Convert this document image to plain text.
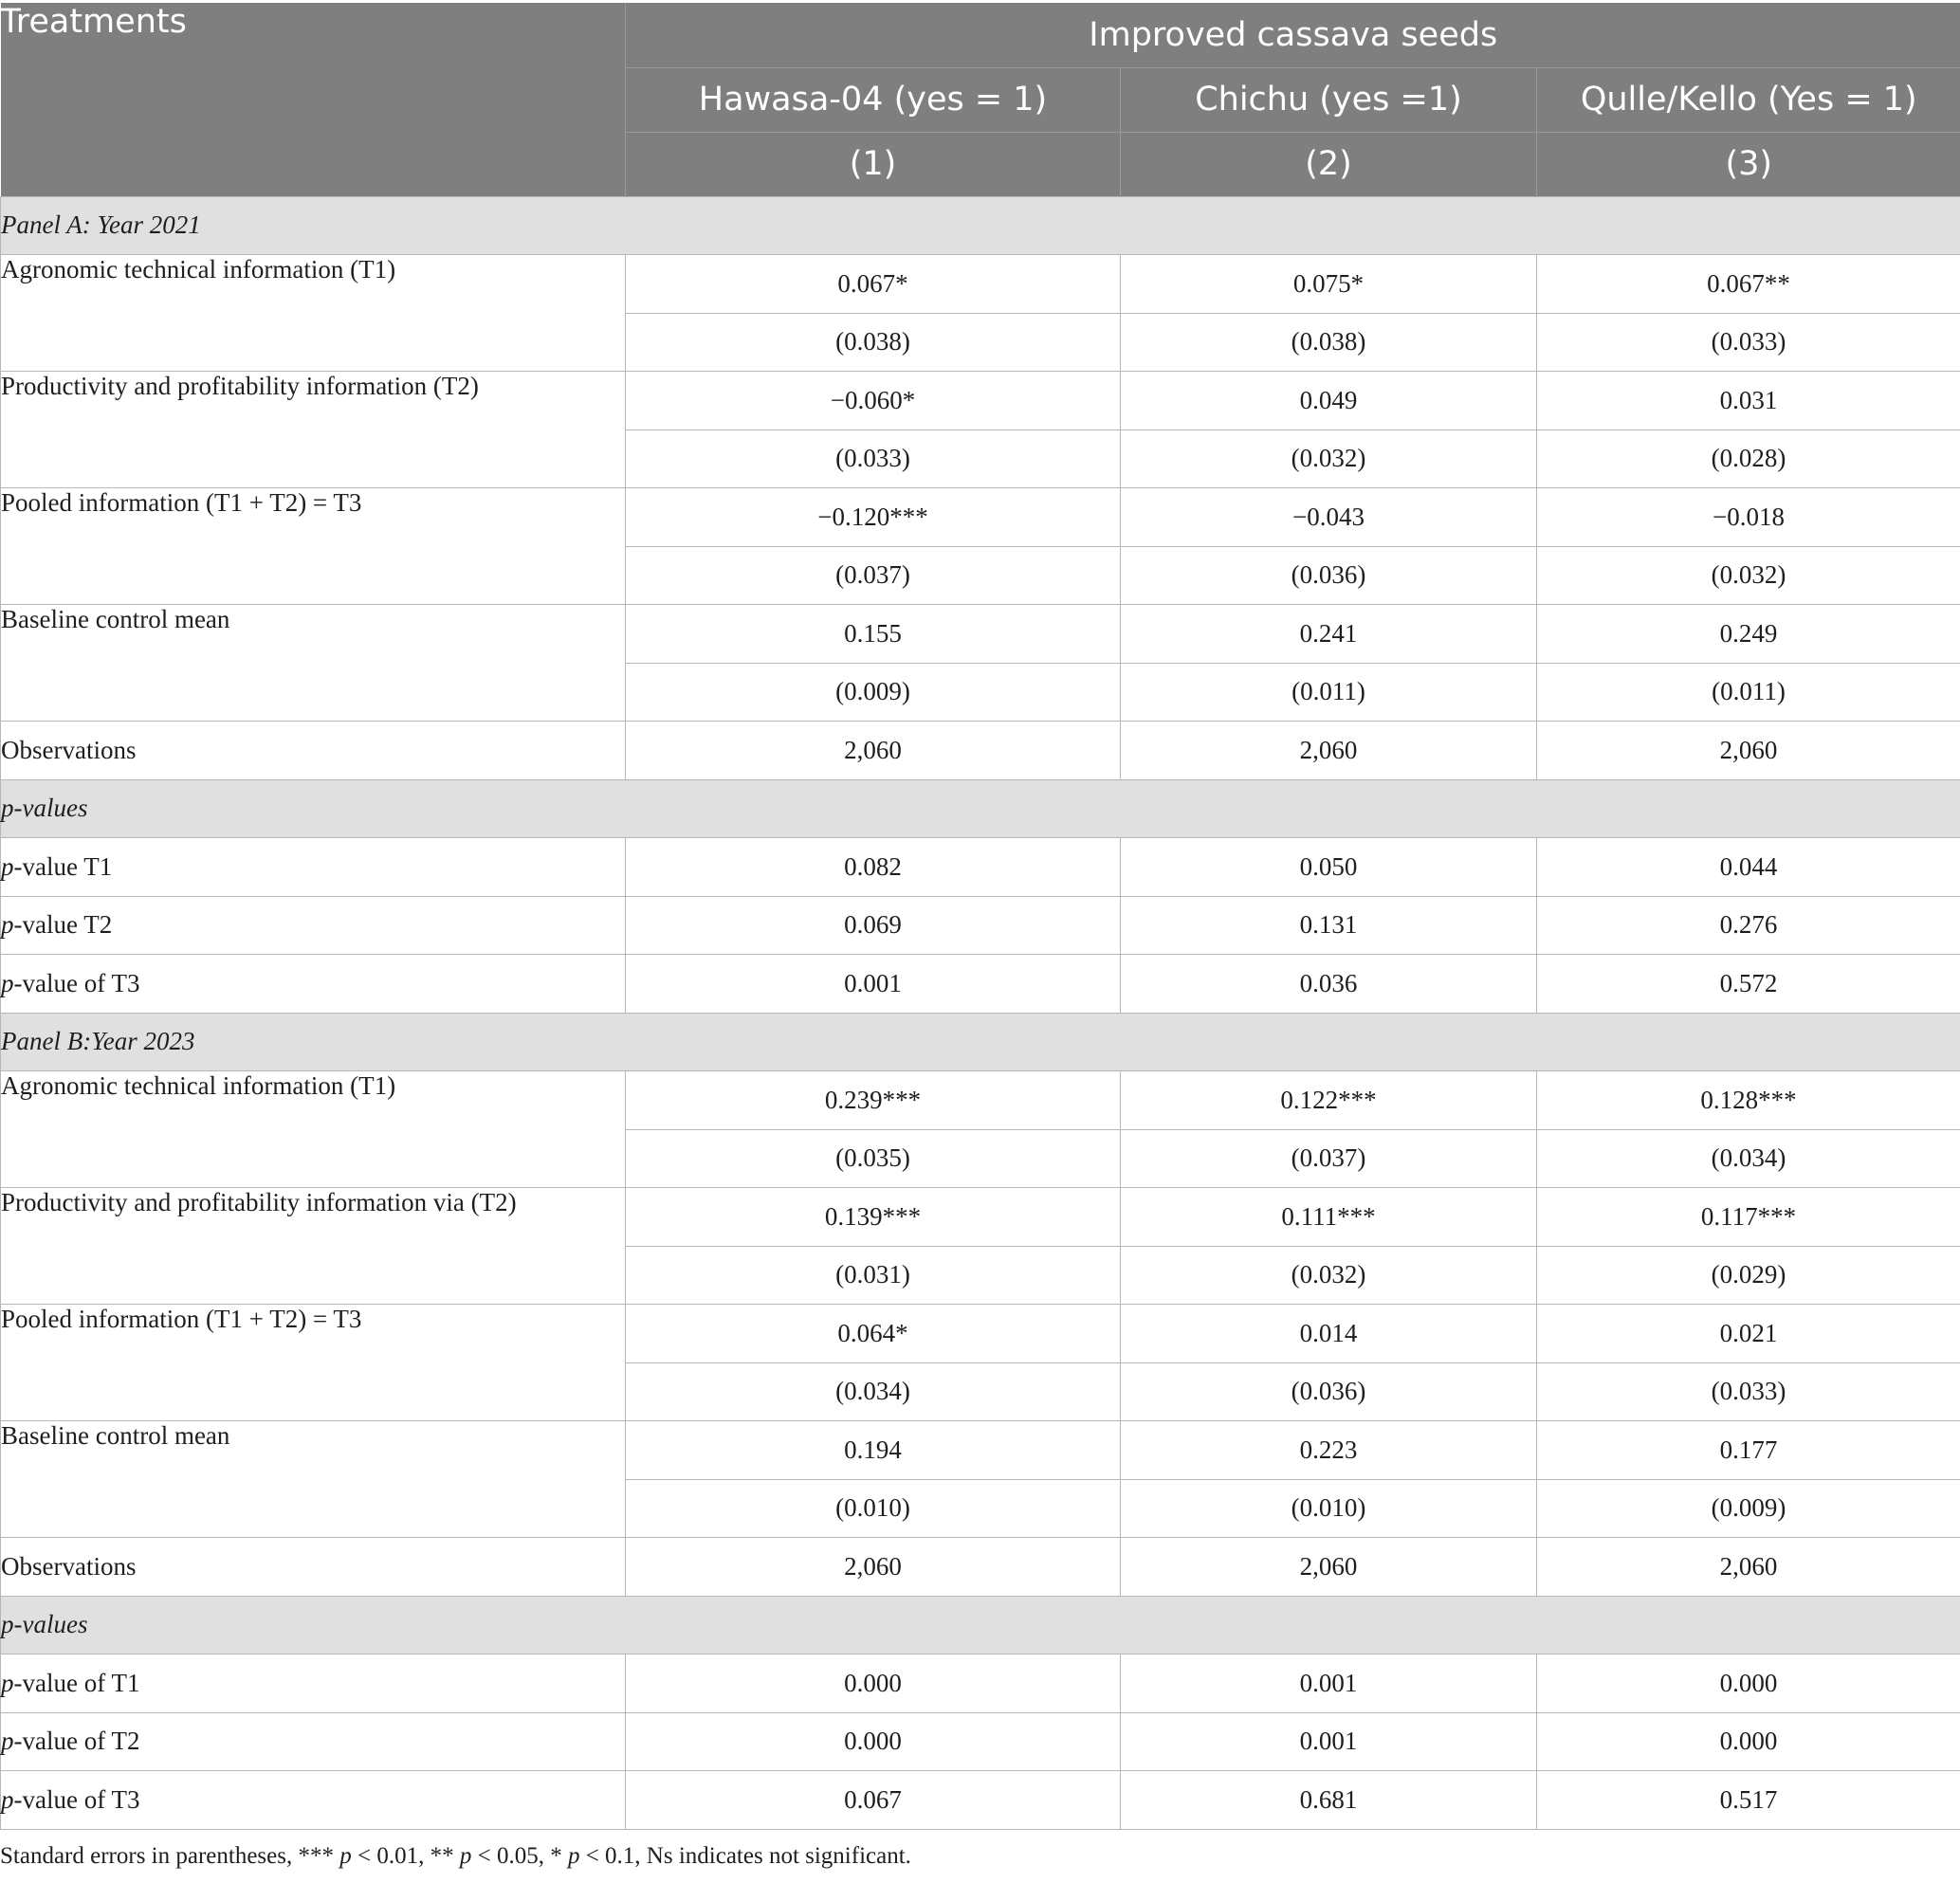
Treatments	Improved cassava seeds		
	Hawasa-04 (yes = 1)	Chichu (yes =1)	Qulle/Kello (Yes = 1)
	(1)	(2)	(3)
Panel A: Year 2021			
Agronomic technical information (T1)	0.067*	0.075*	0.067**
	(0.038)	(0.038)	(0.033)
Productivity and profitability information (T2)	−0.060*	0.049	0.031
	(0.033)	(0.032)	(0.028)
Pooled information (T1 + T2) = T3	−0.120***	−0.043	−0.018
	(0.037)	(0.036)	(0.032)
Baseline control mean	0.155	0.241	0.249
	(0.009)	(0.011)	(0.011)
Observations	2,060	2,060	2,060
p-values			
p-value T1	0.082	0.050	0.044
p-value T2	0.069	0.131	0.276
p-value of T3	0.001	0.036	0.572
Panel B:Year 2023			
Agronomic technical information (T1)	0.239***	0.122***	0.128***
	(0.035)	(0.037)	(0.034)
Productivity and profitability information via (T2)	0.139***	0.111***	0.117***
	(0.031)	(0.032)	(0.029)
Pooled information (T1 + T2) = T3	0.064*	0.014	0.021
	(0.034)	(0.036)	(0.033)
Baseline control mean	0.194	0.223	0.177
	(0.010)	(0.010)	(0.009)
Observations	2,060	2,060	2,060
p-values			
p-value of T1	0.000	0.001	0.000
p-value of T2	0.000	0.001	0.000
p-value of T3	0.067	0.681	0.517

Standard errors in parentheses, *** p < 0.01, ** p < 0.05, * p < 0.1, Ns indicates not significant.
